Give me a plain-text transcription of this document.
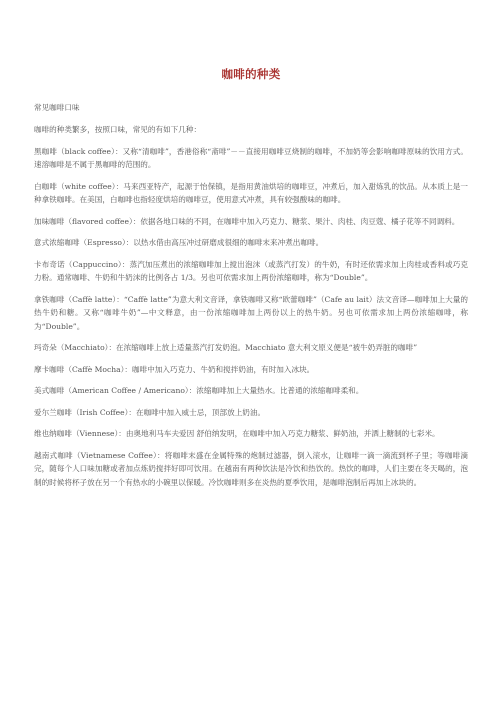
咖啡的种类

常见咖啡口味

咖啡的种类繁多，按照口味，常见的有如下几种：

黑咖啡（black coffee）：又称“清咖啡”，香港俗称“斋啡”－－直接用咖啡豆烧制的咖啡，不加奶等会影响咖啡原味的饮用方式。速溶咖啡是不属于黑咖啡的范围的。

白咖啡（white coffee）：马来西亚特产，起源于怡保镇，是指用黄油烘培的咖啡豆，冲煮后，加入甜炼乳的饮品。从本质上是一种拿铁咖啡。在美国，白咖啡也指轻度烘培的咖啡豆，使用意式冲煮，具有较强酸味的咖啡。

加味咖啡（flavored coffee）：依据各地口味的不同，在咖啡中加入巧克力、糖浆、果汁、肉桂、肉豆蔻、橘子花等不同调料。

意式浓缩咖啡（Espresso）：以热水借由高压冲过研磨成很细的咖啡末来冲煮出咖啡。

卡布奇诺（Cappuccino）：蒸汽加压煮出的浓缩咖啡加上搅出泡沫（或蒸汽打发）的牛奶，有时还依需求加上肉桂或香料或巧克力粉。通常咖啡、牛奶和牛奶沫的比例各占 1/3。另也可依需求加上两份浓缩咖啡，称为“Double”。

拿铁咖啡（Caffè latte）：“Caffè latte”为意大利文音译，拿铁咖啡又称“欧蕾咖啡”（Cafe au lait）法文音译—咖啡加上大量的热牛奶和糖。又称“咖啡牛奶”—中文释意，由一份浓缩咖啡加上两份以上的热牛奶。另也可依需求加上两份浓缩咖啡，称为“Double”。

玛奇朵（Macchiato）：在浓缩咖啡上放上适量蒸汽打发奶泡。Macchiato 意大利文原义便是“被牛奶弄脏的咖啡”

摩卡咖啡（Caffè Mocha）：咖啡中加入巧克力、牛奶和搅拌奶油，有时加入冰块。

美式咖啡（American Coffee / Americano）：浓缩咖啡加上大量热水。比普通的浓缩咖啡柔和。

爱尔兰咖啡（Irish Coffee）：在咖啡中加入威士忌，顶部放上奶油。

维也纳咖啡（Viennese）：由奥地利马车夫爱因 舒伯纳发明，在咖啡中加入巧克力糖浆、鲜奶油，并洒上糖制的七彩米。

越南式咖啡（Vietnamese Coffee）：将咖啡末盛在金属特殊的炮制过滤器，倒入滚水，让咖啡一滴一滴流到杯子里；等咖啡滴完，随每个人口味加糖或者加点炼奶搅拌好即可饮用。在越南有两种饮法是冷饮和热饮的。热饮的咖啡，人们主要在冬天喝的，泡制的时候将杯子放在另一个有热水的小碗里以保暖。冷饮咖啡则多在炎热的夏季饮用，是咖啡泡制后再加上冰块的。
